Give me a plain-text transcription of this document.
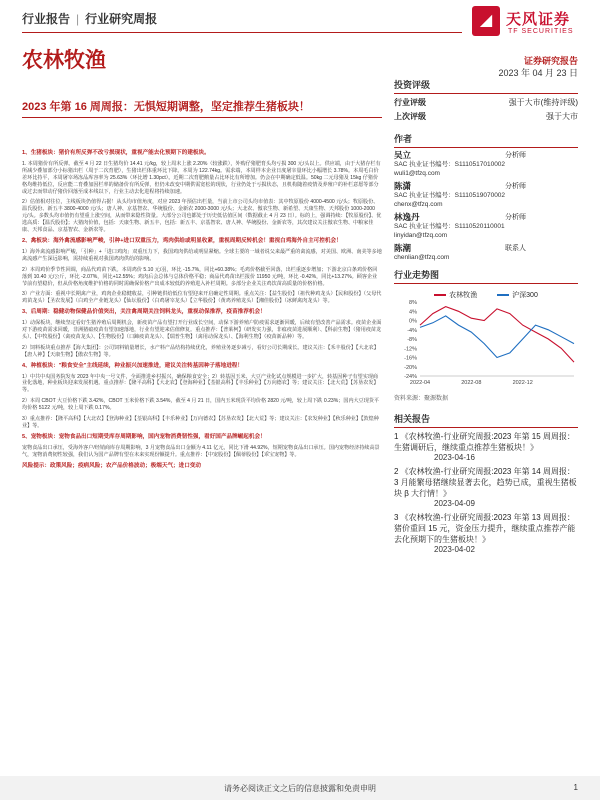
行业报告 | 行业研究周报	◢ 天风证券
TF SECURITIES
农林牧渔	证券研究报告
2023 年 04 月 23 日
2023 年第 16 周周报：无惧短期调整，坚定推荐生猪板块！

1、生猪板块：猪价有所反弹不改亏损现状，重视产能去化预期下的建板块。

1. 本周猪价有所反弹。截至 4 月 22 日生猪均价 14.41 元/kg，较上周末上涨 2.20%（较涨跌），外购仔猪肥育头均亏损 300 元/头以上。供应端，由于大猪存栏有所减少叠加部分小标猪出栏（周于二次育肥），生猪出栏体重环比下降。本周为 122.74kg。需求端，本周样本企业日度屠宰量环比小幅增长 3.78%。本周毛白价差环比持平，本周屠宰场冻品库容率为 25.63%（环比增 1.30pct）。近期二次育肥鹅量占比环比有所增加。仍会在中期确定低温。50kg 二元母猪及 15kg 仔猪价格均维持低位，反应能二育叠加因栏率的储备价有所反弹，但仍未改变中期供需宽松的现状，行业仍处于亏损状态，且机构随着疫情及养殖户的补栏意愿等部分或过去而带动仔猪价回落至成本线以下，行业主动去化进程将持续加速。

2）估值相对往位，主线板块仍值得占据！从头均市值角度，对应 2023 年预估出栏量，当前上市公司头均市值表：其中牧原股份 4000-4500 元/头；牧原股份、温氏股份、新五丰 3800-4000 元/头；唐人神、京基智农、华统股份、金新农 2000-3000 元/头；大北农、傲农生物、新希望、天康生物、天邦股份 1000-2000 元/头。多数头均市值仍有望重上涨空间，从而带来隐性资量。大部分公司也都处于历史低估值区间（数据截止 4 月 23 日）。标的上，强调持续：【牧原股份】、优选高质：【温氏股份】；大猪肉价值，包括：天康生物、新五丰，包括：新五丰、京基智农、唐人神、华统股份、金新农等，其次建议关注傲农生物、中粮家佳康、天邦食品、京基智农、金新农等。

2、禽板块：海外禽流感影响严峻，引种+进口双重压力，鸡肉供给或明显收紧，重视周期反转机会！重视白鸡海外自主可控机会！

1）海外禽流感影响严峻，「引种」+「进口鸡肉」双重压力下，我国鸡肉供给或明显紧缩。全球主要的一域者说父来最严重的禽流感，对美国、欧洲、南美等多地禽流感产生深远影响，需持续重视对我国鸡肉供给的影响。

2）本周鸡价季节性回调，商品代鸡苗下跌。本周鸡价 5.10 元/羽，环比 -15.7%，同比+60.38%；毛鸡价格截至回落，出栏重逐步增加；下游北京白条鸡价格回落到 10.40 元/公斤，环比 -2.07%，同比+12.55%；鸡肉后会总体与总体价格平稳；商品代鸡苗出栏报价 11950 元/吨，环比 -0.42%，同比+13.27%。顾客企业节前有望稳价，但从价格角度维护价格的同时需确保价格产出成本较低的养殖进入补栏周期。多部分企业关注鸡饮苗高质量的价格价格。

3）产业方面：重视中长期禽产业，鸡肉企业稳健收益，引种链供给低位有望迎来开启确定性周期。重点关注：【益生股份】（祖代种鸡龙头）【民和股份】（父母代鸡苗龙头）【圣农发展】（白鸡全产业链龙头）【仙坛股份】（白鸡屠宰龙头）【立华股份】（黄鸡养殖龙头）【湘佳股份】（冰鲜禽肉龙头）等。

3、后周期：稳健动物保健品价值突出，关注禽周期关注饲料龙头，重视动保推荐，疫苗推荐机会！

1）动保板块，继续坚定看好生猪养殖后周期机会，新疫苗产品有望打开行业成长空间，动保下游养殖户防疫需求逐渐回暖，后续有望改善产品需求。疫苗企业面对下游疫苗需求回暖，非洲猪瘟疫苗有望加速落地，行业有望迎来估值修复。重点推荐：【普莱柯】（研发实力强，非瘟疫苗进展顺利）、【科前生物】（猪用疫苗龙头）、【中牧股份】（禽疫苗龙头）、【生物股份】（口蹄疫苗龙头）、【瑞普生物】（禽用动保龙头）、【海利生物】（疫苗新品种）等。

2）饲料板块重点推荐【海大集团】：公司饲料销量增长，水产料产品结构持续优化，养殖业务逐步减亏，看好公司长期成长。建议关注：【禾丰股份】【大北农】【唐人神】【天康生物】【傲农生物】等。

4、种植板块："粮食安全"主线延续，种业振兴加速推进，建议关注转基因种子落地进程！

1）中共中央国务院发布 2023 年中央一号文件，全面推进乡村振兴，确保粮食安全；2）转基因玉米、大豆产业化试点规模进一步扩大，转基因种子有望实现商业化落地，种业板块迎来发展机遇。重点推荐：【隆平高科】【大北农】【登海种业】【荃银高科】【丰乐种业】【万向德农】等；建议关注：【北大荒】【苏垦农发】等。

2）本周 CBOT 大豆价格下跌 3.42%，CBOT 玉米价格下跌 3.54%，截至 4 月 21 日，国内玉米现货平均价格 2820 元/吨，较上周下跌 0.23%；国内大豆现货平均价格 5122 元/吨，较上周下跌 0.17%。

3）重点推荐：【隆平高科】【大北农】【登海种业】【荃银高科】【丰乐种业】【万向德农】【苏垦农发】【北大荒】等；建议关注：【农发种业】【秋乐种业】【敦煌种业】等。

5、宠物板块：宠物食品出口短期受库存周期影响，国内宠物消费韧性强，看好国产品牌崛起机会！

宠物食品出口承压，受海外客户/经销商库存周期影响，3 月宠物食品出口金额为 4.11 亿元，同比下滑 44.92%，短期宠物食品出口承压。国内宠物经济持续高景气，宠物消费韧性较强，我们认为国产品牌有望在未来实现份额提升。重点推荐：【中宠股份】【佩蒂股份】【乖宝宠物】等。

风险提示：政策风险；疫病风险；农产品价格波动；极端天气；进口变动

投资评级
行业评级	强于大市(维持评级)
上次评级	强于大市
作者
吴立	分析师
SAC 执业证书编号：S1110517010002
wuli1@tfzq.com
陈潇	分析师
SAC 执业证书编号：S1110519070002
chenx@tfzq.com
林逸丹	分析师
SAC 执业证书编号：S1110520110001
linyidan@tfzq.com
陈潮	联系人
chenlian@tfzq.com
行业走势图
农林牧渔	沪深300
8%
4%
0%
-4%
-8%
-12%
-16%
-20%
-24%
2022-04	2022-08	2022-12
资料来源：聚源数据
相关报告
1 《农林牧渔-行业研究周报:2023 年第 15 周周报：生猪调研后，继续重点推荐生猪板块！》
2023-04-16
2 《农林牧渔-行业研究周报:2023 年第 14 周周报：3 月能繁母猪继续显著去化，趋势已成，重视生猪板块 β 大行情！》
2023-04-09
3 《农林牧渔-行业研究周报:2023 年第 13 周周报：猪价重回 15 元，资金压力提升，继续重点推荐产能去化预期下的生猪板块！》
2023-04-02
请务必阅读正文之后的信息披露和免责申明	1
